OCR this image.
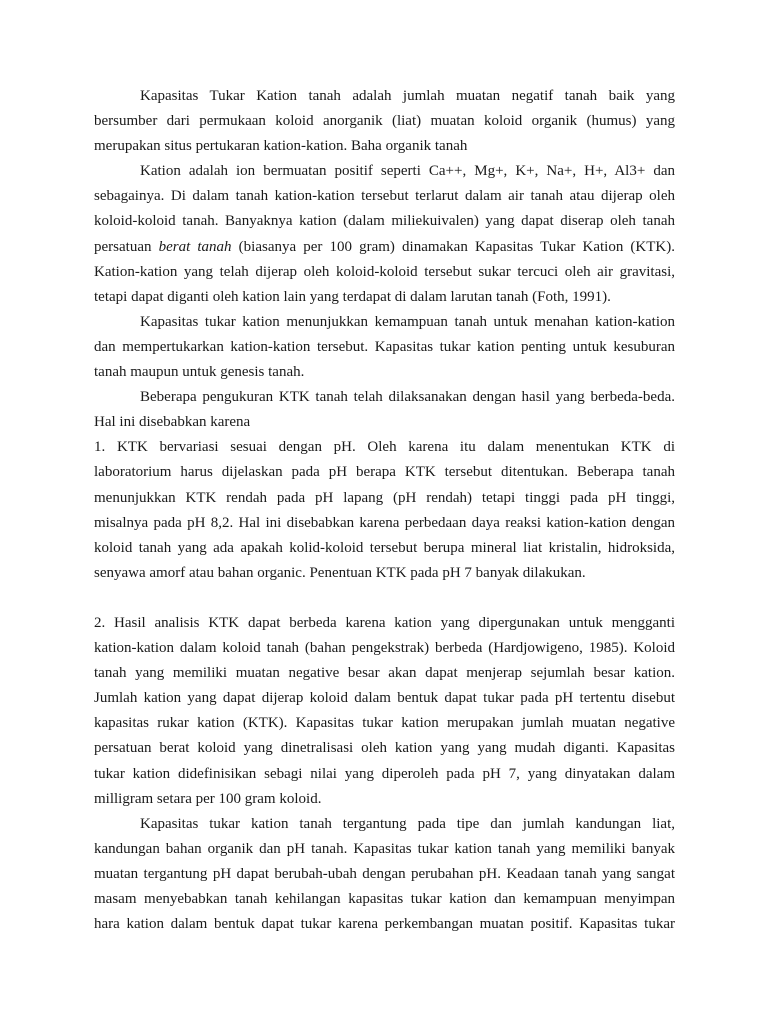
Kapasitas Tukar Kation tanah adalah jumlah muatan negatif tanah baik yang
bersumber dari permukaan koloid anorganik (liat) muatan koloid organik (humus) yang
merupakan situs pertukaran kation-kation. Baha organik tanah
Kation adalah ion bermuatan positif seperti Ca++, Mg+, K+, Na+, H+, Al3+ dan
sebagainya. Di dalam tanah kation-kation tersebut terlarut dalam air tanah atau dijerap oleh
koloid-koloid tanah. Banyaknya kation (dalam miliekuivalen) yang dapat diserap oleh tanah
persatuan berat tanah (biasanya per 100 gram) dinamakan Kapasitas Tukar Kation (KTK).
Kation-kation yang telah dijerap oleh koloid-koloid tersebut sukar tercuci oleh air gravitasi,
tetapi dapat diganti oleh kation lain yang terdapat di dalam larutan tanah (Foth, 1991).
Kapasitas tukar kation menunjukkan kemampuan tanah untuk menahan kation-kation
dan mempertukarkan kation-kation tersebut. Kapasitas tukar kation penting untuk kesuburan
tanah maupun untuk genesis tanah.
Beberapa pengukuran KTK tanah telah dilaksanakan dengan hasil yang berbeda-beda.
Hal ini disebabkan karena
1. KTK bervariasi sesuai dengan pH. Oleh karena itu dalam menentukan KTK di
laboratorium harus dijelaskan pada pH berapa KTK tersebut ditentukan. Beberapa tanah
menunjukkan KTK rendah pada pH lapang (pH rendah) tetapi tinggi pada pH tinggi,
misalnya pada pH 8,2. Hal ini disebabkan karena perbedaan daya reaksi kation-kation dengan
koloid tanah yang ada apakah kolid-koloid tersebut berupa mineral liat kristalin, hidroksida,
senyawa amorf atau bahan organic. Penentuan KTK pada pH 7 banyak dilakukan.
2. Hasil analisis KTK dapat berbeda karena kation yang dipergunakan untuk mengganti
kation-kation dalam koloid tanah (bahan pengekstrak) berbeda (Hardjowigeno, 1985). Koloid
tanah yang memiliki muatan negative besar akan dapat menjerap sejumlah besar kation.
Jumlah kation yang dapat dijerap koloid dalam bentuk dapat tukar pada pH tertentu disebut
kapasitas rukar kation (KTK). Kapasitas tukar kation merupakan jumlah muatan negative
persatuan berat koloid yang dinetralisasi oleh kation yang yang mudah diganti. Kapasitas
tukar kation didefinisikan sebagi nilai yang diperoleh pada pH 7, yang dinyatakan dalam
milligram setara per 100 gram koloid.
Kapasitas tukar kation tanah tergantung pada tipe dan jumlah kandungan liat,
kandungan bahan organik dan pH tanah. Kapasitas tukar kation tanah yang memiliki banyak
muatan tergantung pH dapat berubah-ubah dengan perubahan pH. Keadaan tanah yang sangat
masam menyebabkan tanah kehilangan kapasitas tukar kation dan kemampuan menyimpan
hara kation dalam bentuk dapat tukar karena perkembangan muatan positif. Kapasitas tukar
